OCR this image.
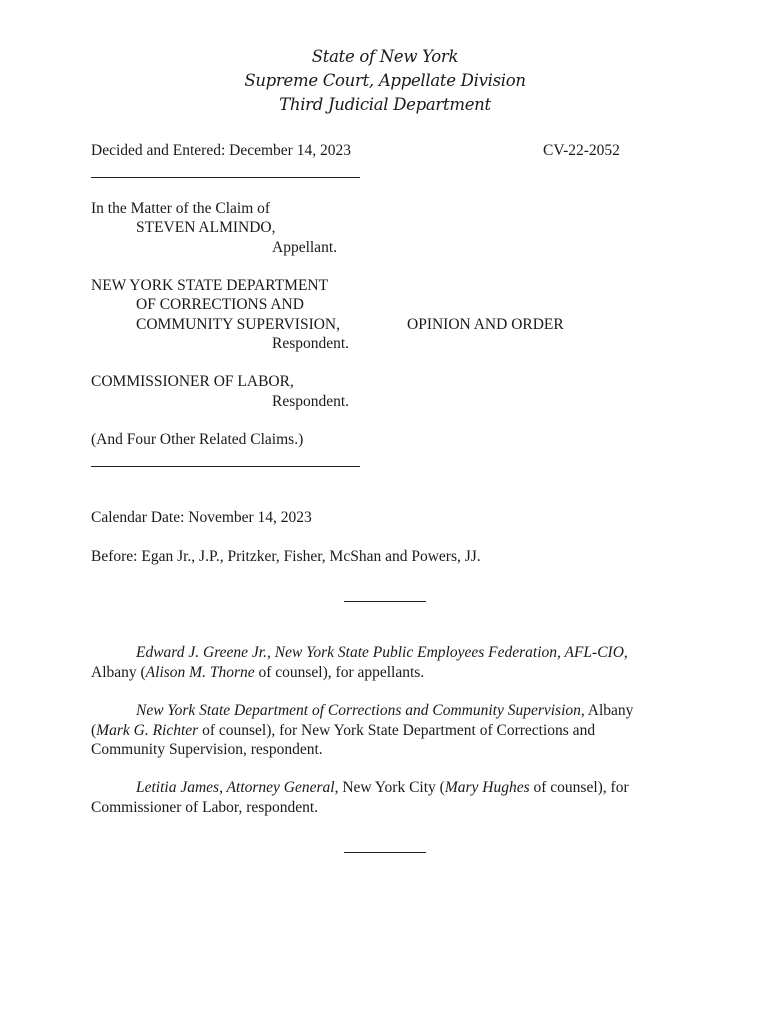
State of New York
Supreme Court, Appellate Division
Third Judicial Department
Decided and Entered: December 14, 2023	CV-22-2052
In the Matter of the Claim of
STEVEN ALMINDO,
Appellant.
NEW YORK STATE DEPARTMENT
OF CORRECTIONS AND
COMMUNITY SUPERVISION,	OPINION AND ORDER
Respondent.
COMMISSIONER OF LABOR,
Respondent.
(And Four Other Related Claims.)
Calendar Date: November 14, 2023
Before: Egan Jr., J.P., Pritzker, Fisher, McShan and Powers, JJ.
Edward J. Greene Jr., New York State Public Employees Federation, AFL-CIO, Albany (Alison M. Thorne of counsel), for appellants.
New York State Department of Corrections and Community Supervision, Albany (Mark G. Richter of counsel), for New York State Department of Corrections and Community Supervision, respondent.
Letitia James, Attorney General, New York City (Mary Hughes of counsel), for Commissioner of Labor, respondent.
